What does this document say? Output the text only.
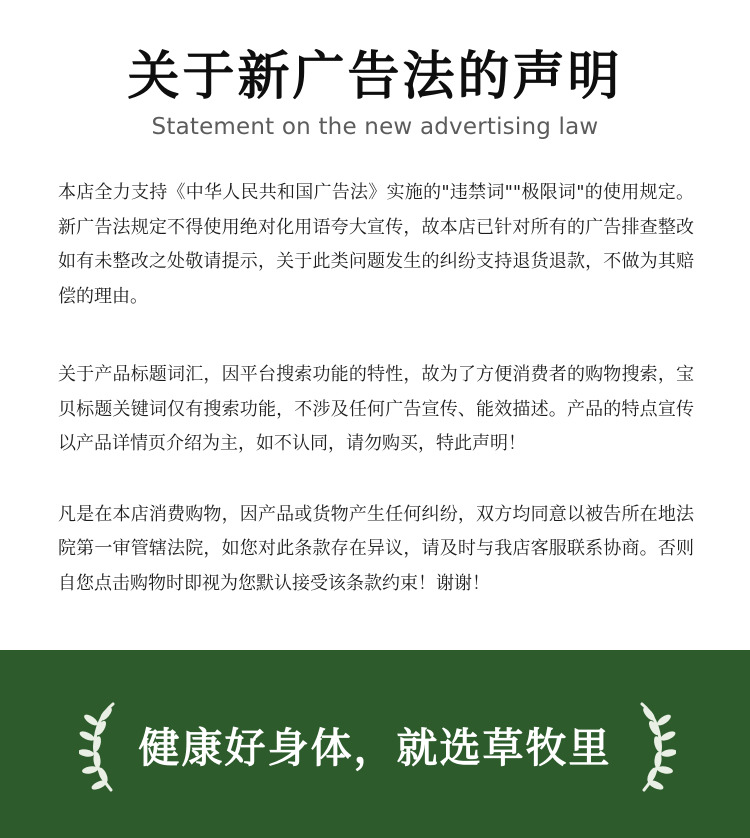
关于新广告法的声明
Statement on the new advertising law

本店全力支持《中华人民共和国广告法》实施的"违禁词""极限词"的使用规定。新广告法规定不得使用绝对化用语夸大宣传，故本店已针对所有的广告排查整改如有未整改之处敬请提示，关于此类问题发生的纠纷支持退货退款，不做为其赔偿的理由。

关于产品标题词汇，因平台搜索功能的特性，故为了方便消费者的购物搜索，宝贝标题关键词仅有搜索功能，不涉及任何广告宣传、能效描述。产品的特点宣传以产品详情页介绍为主，如不认同，请勿购买，特此声明！

凡是在本店消费购物，因产品或货物产生任何纠纷，双方均同意以被告所在地法院第一审管辖法院，如您对此条款存在异议，请及时与我店客服联系协商。否则自您点击购物时即视为您默认接受该条款约束！谢谢！

健康好身体，就选草牧里
